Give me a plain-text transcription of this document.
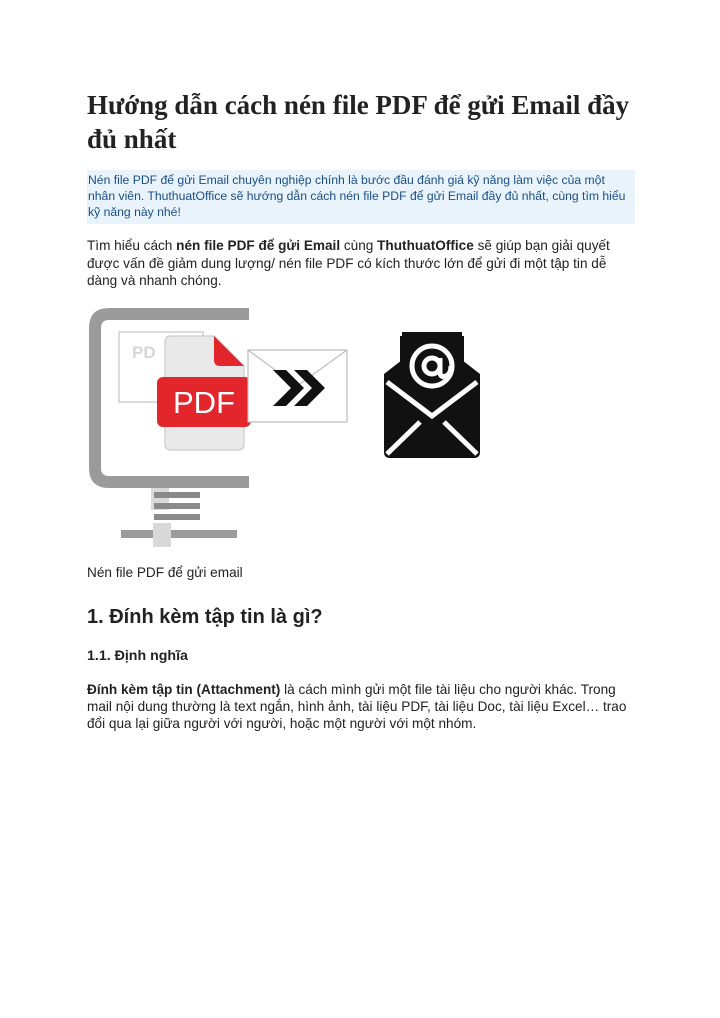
Hướng dẫn cách nén file PDF để gửi Email đầy đủ nhất

Nén file PDF để gửi Email chuyên nghiệp chính là bước đầu đánh giá kỹ năng làm việc của một nhân viên. ThuthuatOffice sẽ hướng dẫn cách nén file PDF để gửi Email đầy đủ nhất, cùng tìm hiểu kỹ năng này nhé!

Tìm hiểu cách nén file PDF để gửi Email cùng ThuthuatOffice sẽ giúp bạn giải quyết được vấn đề giảm dung lượng/ nén file PDF có kích thước lớn để gửi đi một tập tin dễ dàng và nhanh chóng.

PD
PDF

Nén file PDF để gửi email

1. Đính kèm tập tin là gì?
1.1. Định nghĩa

Đính kèm tập tin (Attachment) là cách mình gửi một file tài liệu cho người khác. Trong mail nội dung thường là text ngắn, hình ảnh, tài liệu PDF, tài liệu Doc, tài liệu Excel… trao đổi qua lại giữa người với người, hoặc một người với một nhóm.
